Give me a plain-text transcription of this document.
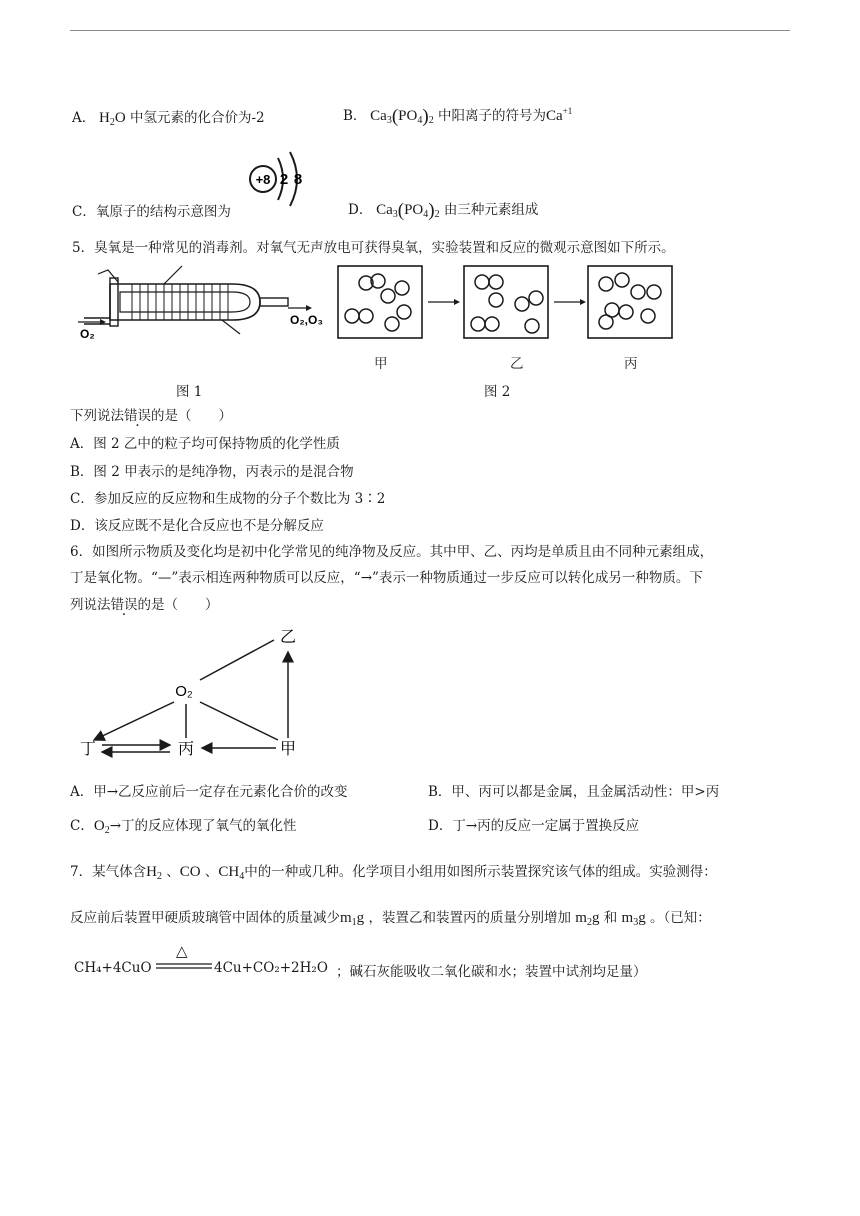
A． $H_2O$ 中氢元素的化合价为-2	B． $Ca_3(PO_4)_2$ 中阳离子的符号为$Ca^{+1}$
C．氧原子的结构示意图为
+8 2 8
D． $Ca_3(PO_4)_2$ 由三种元素组成
5．臭氧是一种常见的消毒剂。对氧气无声放电可获得臭氧，实验装置和反应的微观示意图如下所示。
O₂
O₂,O₃
甲	乙	丙
图 1	图 2
下列说法错误的是（　　）
A．图 2 乙中的粒子均可保持物质的化学性质
B．图 2 甲表示的是纯净物，丙表示的是混合物
C．参加反应的反应物和生成物的分子个数比为 3∶2
D．该反应既不是化合反应也不是分解反应
6．如图所示物质及变化均是初中化学常见的纯净物及反应。其中甲、乙、丙均是单质且由不同种元素组成，
丁是氧化物。“—”表示相连两种物质可以反应，“→”表示一种物质通过一步反应可以转化成另一种物质。下
列说法错误的是（　　）
乙
O₂
丁	丙	甲
A．甲→乙反应前后一定存在元素化合价的改变	B．甲、丙可以都是金属，且金属活动性：甲>丙
C．$O_2\to$丁的反应体现了氧气的氧化性	D．丁→丙的反应一定属于置换反应
7．某气体含$H_2$ 、CO 、$CH_4$中的一种或几种。化学项目小组用如图所示装置探究该气体的组成。实验测得：
反应前后装置甲硬质玻璃管中固体的质量减少$m_1g$ ，装置乙和装置丙的质量分别增加 $m_2g$ 和 $m_3g$ 。（已知：
CH₄+4CuO
△
4Cu+CO₂+2H₂O ；碱石灰能吸收二氧化碳和水；装置中试剂均足量）
